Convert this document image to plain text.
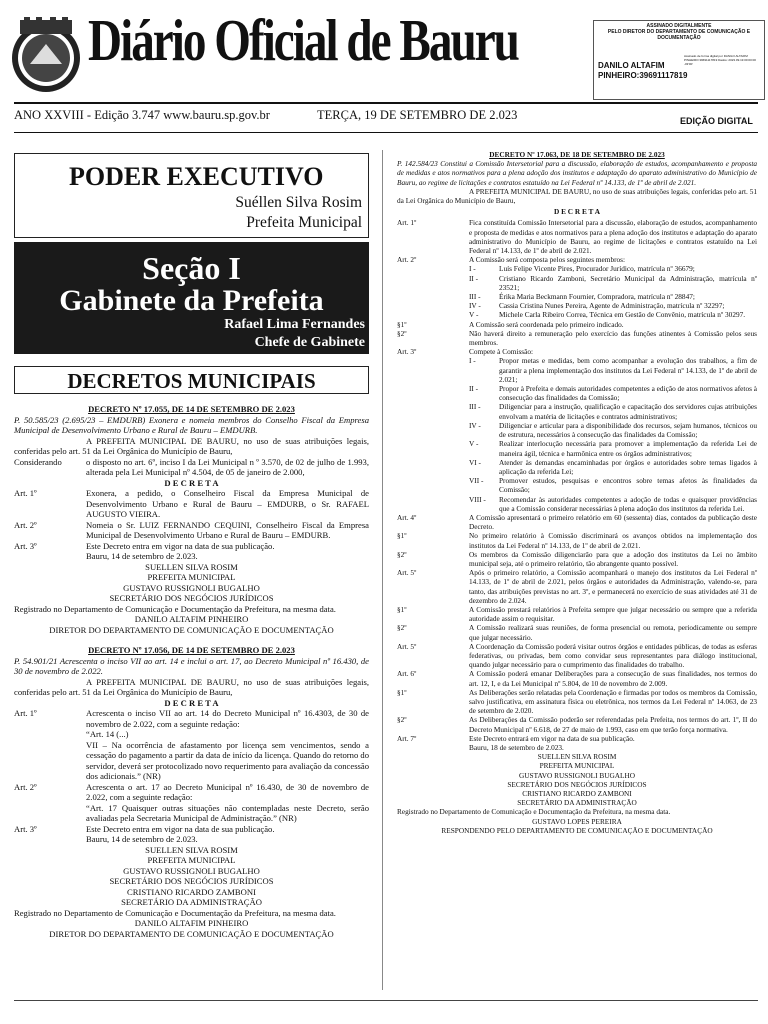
Diário Oficial de Bauru	ASSINADO DIGITALMENTE
PELO DIRETOR DO DEPARTAMENTO DE COMUNICAÇÃO E DOCUMENTAÇÃO
DANILO ALTAFIM
PINHEIRO:39691117819
Assinado de forma digital por DANILO ALTAFIM PINHEIRO:39691117819 Dados: 2023.09.19 00:00:00 -03'00'
ANO XXVIII - Edição 3.747 www.bauru.sp.gov.br	TERÇA, 19 DE SETEMBRO DE 2.023	EDIÇÃO DIGITAL
PODER EXECUTIVO
Suéllen Silva Rosim
Prefeita Municipal
Seção I
Gabinete da Prefeita
Rafael Lima Fernandes
Chefe de Gabinete
DECRETOS MUNICIPAIS
DECRETO Nº 17.055, DE 14 DE SETEMBRO DE 2.023
P. 50.585/23 (2.695/23 – EMDURB) Exonera e nomeia membros do Conselho Fiscal da Empresa Municipal de Desenvolvimento Urbano e Rural de Bauru – EMDURB.
A PREFEITA MUNICIPAL DE BAURU, no uso de suas atribuições legais, conferidas pelo art. 51 da Lei Orgânica do Município de Bauru,
Considerando	o disposto no art. 6º, inciso I da Lei Municipal n º 3.570, de 02 de julho de 1.993, alterada pela Lei Municipal nº 4.504, de 05 de janeiro de 2.000,
D E C R E T A
Art. 1º	Exonera, a pedido, o Conselheiro Fiscal da Empresa Municipal de Desenvolvimento Urbano e Rural de Bauru – EMDURB, o Sr. RAFAEL AUGUSTO VIEIRA.
Art. 2º	Nomeia o Sr. LUIZ FERNANDO CEQUINI, Conselheiro Fiscal da Empresa Municipal de Desenvolvimento Urbano e Rural de Bauru – EMDURB.
Art. 3º	Este Decreto entra em vigor na data de sua publicação.
Bauru, 14 de setembro de 2.023.
SUELLEN SILVA ROSIM
PREFEITA MUNICIPAL
GUSTAVO RUSSIGNOLI BUGALHO
SECRETÁRIO DOS NEGÓCIOS JURÍDICOS
Registrado no Departamento de Comunicação e Documentação da Prefeitura, na mesma data.
DANILO ALTAFIM PINHEIRO
DIRETOR DO DEPARTAMENTO DE COMUNICAÇÃO E DOCUMENTAÇÃO
DECRETO Nº 17.056, DE 14 DE SETEMBRO DE 2.023
P. 54.901/21 Acrescenta o inciso VII ao art. 14 e inclui o art. 17, ao Decreto Municipal nº 16.430, de 30 de novembro de 2.022.
A PREFEITA MUNICIPAL DE BAURU, no uso de suas atribuições legais, conferidas pelo art. 51 da Lei Orgânica do Município de Bauru,
D E C R E T A
Art. 1º	Acrescenta o inciso VII ao art. 14 do Decreto Municipal nº 16.4303, de 30 de novembro de 2.022, com a seguinte redação:
“Art. 14 (...)
VII – Na ocorrência de afastamento por licença sem vencimentos, sendo a cessação do pagamento a partir da data de início da licença. Quando do retorno do servidor, deverá ser protocolizado novo requerimento para avaliação da concessão dos adicionais.” (NR)
Art. 2º	Acrescenta o art. 17 ao Decreto Municipal nº 16.430, de 30 de novembro de 2.022, com a seguinte redação:
“Art. 17 Quaisquer outras situações não contempladas neste Decreto, serão avaliadas pela Secretaria Municipal de Administração.” (NR)
Art. 3º	Este Decreto entra em vigor na data de sua publicação.
Bauru, 14 de setembro de 2.023.
SUELLEN SILVA ROSIM
PREFEITA MUNICIPAL
GUSTAVO RUSSIGNOLI BUGALHO
SECRETÁRIO DOS NEGÓCIOS JURÍDICOS
CRISTIANO RICARDO ZAMBONI
SECRETÁRIO DA ADMINISTRAÇÃO
Registrado no Departamento de Comunicação e Documentação da Prefeitura, na mesma data.
DANILO ALTAFIM PINHEIRO
DIRETOR DO DEPARTAMENTO DE COMUNICAÇÃO E DOCUMENTAÇÃO
DECRETO Nº 17.063, DE 18 DE SETEMBRO DE 2.023
P. 142.584/23 Constitui a Comissão Intersetorial para a discussão, elaboração de estudos, acompanhamento e proposta de medidas e atos normativos para a plena adoção dos institutos e adaptação do aparato administrativo do Município de Bauru, ao regime de licitações e contratos estatuído na Lei Federal nº 14.133, de 1º de abril de 2.021.
A PREFEITA MUNICIPAL DE BAURU, no uso de suas atribuições legais, conferidas pelo art. 51 da Lei Orgânica do Município de Bauru,
D E C R E T A
Art. 1º	Fica constituída Comissão Intersetorial para a discussão, elaboração de estudos, acompanhamento e proposta de medidas e atos normativos para a plena adoção dos institutos e adaptação do aparato administrativo do Município de Bauru, ao regime de licitações e contratos estatuído na Lei Federal nº 14.133, de 1º de abril de 2.021.
Art. 2º	A Comissão será composta pelos seguintes membros:
I -	Luís Felipe Vicente Pires, Procurador Jurídico, matrícula nº 36679;
II -	Cristiano Ricardo Zamboni, Secretário Municipal da Administração, matrícula nº 23521;
III -	Érika Maria Beckmann Fournier, Compradora, matrícula nº 28847;
IV -	Cassia Cristina Nunes Pereira, Agente de Administração, matrícula nº 32297;
V -	Michele Carla Ribeiro Correa, Técnica em Gestão de Convênio, matrícula nº 30297.
§1º	A Comissão será coordenada pelo primeiro indicado.
§2º	Não haverá direito a remuneração pelo exercício das funções atinentes à Comissão pelos seus membros.
Art. 3º	Compete à Comissão:
I -	Propor metas e medidas, bem como acompanhar a evolução dos trabalhos, a fim de garantir a plena implementação dos institutos da Lei Federal nº 14.133, de 1º de abril de 2.021;
II -	Propor à Prefeita e demais autoridades competentes a edição de atos normativos afetos à consecução das finalidades da Comissão;
III -	Diligenciar para a instrução, qualificação e capacitação dos servidores cujas atribuições envolvam a matéria de licitações e contratos administrativos;
IV -	Diligenciar e articular para a disponibilidade dos recursos, sejam humanos, técnicos ou de estrutura, necessários à consecução das finalidades da Comissão;
V -	Realizar interlocução necessária para promover a implementação da referida Lei de maneira ágil, técnica e harmônica entre os órgãos administrativos;
VI -	Atender às demandas encaminhadas por órgãos e autoridades sobre temas ligados à aplicação da referida Lei;
VII -	Promover estudos, pesquisas e encontros sobre temas afetos às finalidades da Comissão;
VIII -	Recomendar às autoridades competentes a adoção de todas e quaisquer providências que a Comissão considerar necessárias à plena adoção dos institutos da referida Lei.
Art. 4º	A Comissão apresentará o primeiro relatório em 60 (sessenta) dias, contados da publicação deste Decreto.
§1º	No primeiro relatório à Comissão discriminará os avanços obtidos na implementação dos institutos da Lei Federal nº 14.133, de 1º de abril de 2.021.
§2º	Os membros da Comissão diligenciarão para que a adoção dos institutos da Lei no âmbito municipal seja, até o primeiro relatório, tão abrangente quanto possível.
Art. 5º	Após o primeiro relatório, a Comissão acompanhará o manejo dos institutos da Lei Federal nº 14.133, de 1º de abril de 2.021, pelos órgãos e autoridades da Administração, valendo-se, para tanto, das atribuições previstas no art. 3º, e permanecerá no exercício de suas atividades até 31 de dezembro de 2.024.
§1º	A Comissão prestará relatórios à Prefeita sempre que julgar necessário ou sempre que a referida autoridade assim o requisitar.
§2º	A Comissão realizará suas reuniões, de forma presencial ou remota, periodicamente ou sempre que julgar necessário.
Art. 5º	A Coordenação da Comissão poderá visitar outros órgãos e entidades públicas, de todas as esferas federativas, ou privadas, bem como convidar seus representantes para diálogo institucional, quando julgar necessário para o cumprimento das finalidades do trabalho.
Art. 6º	A Comissão poderá emanar Deliberações para a consecução de suas finalidades, nos termos do art. 12, I, e da Lei Municipal nº 5.804, de 10 de novembro de 2.009.
§1º	As Deliberações serão relatadas pela Coordenação e firmadas por todos os membros da Comissão, salvo justificativa, em assinatura física ou eletrônica, nos termos da Lei Federal nº 14.063, de 23 de setembro de 2.020.
§2º	As Deliberações da Comissão poderão ser referendadas pela Prefeita, nos termos do art. 1º, II do Decreto Municipal nº 6.618, de 27 de maio de 1.993, caso em que terão força normativa.
Art. 7º	Este Decreto entrará em vigor na data de sua publicação.
Bauru, 18 de setembro de 2.023.
SUELLEN SILVA ROSIM
PREFEITA MUNICIPAL
GUSTAVO RUSSIGNOLI BUGALHO
SECRETÁRIO DOS NEGÓCIOS JURÍDICOS
CRISTIANO RICARDO ZAMBONI
SECRETÁRIO DA ADMINISTRAÇÃO
Registrado no Departamento de Comunicação e Documentação da Prefeitura, na mesma data.
GUSTAVO LOPES PEREIRA
RESPONDENDO PELO DEPARTAMENTO DE COMUNICAÇÃO E DOCUMENTAÇÃO
